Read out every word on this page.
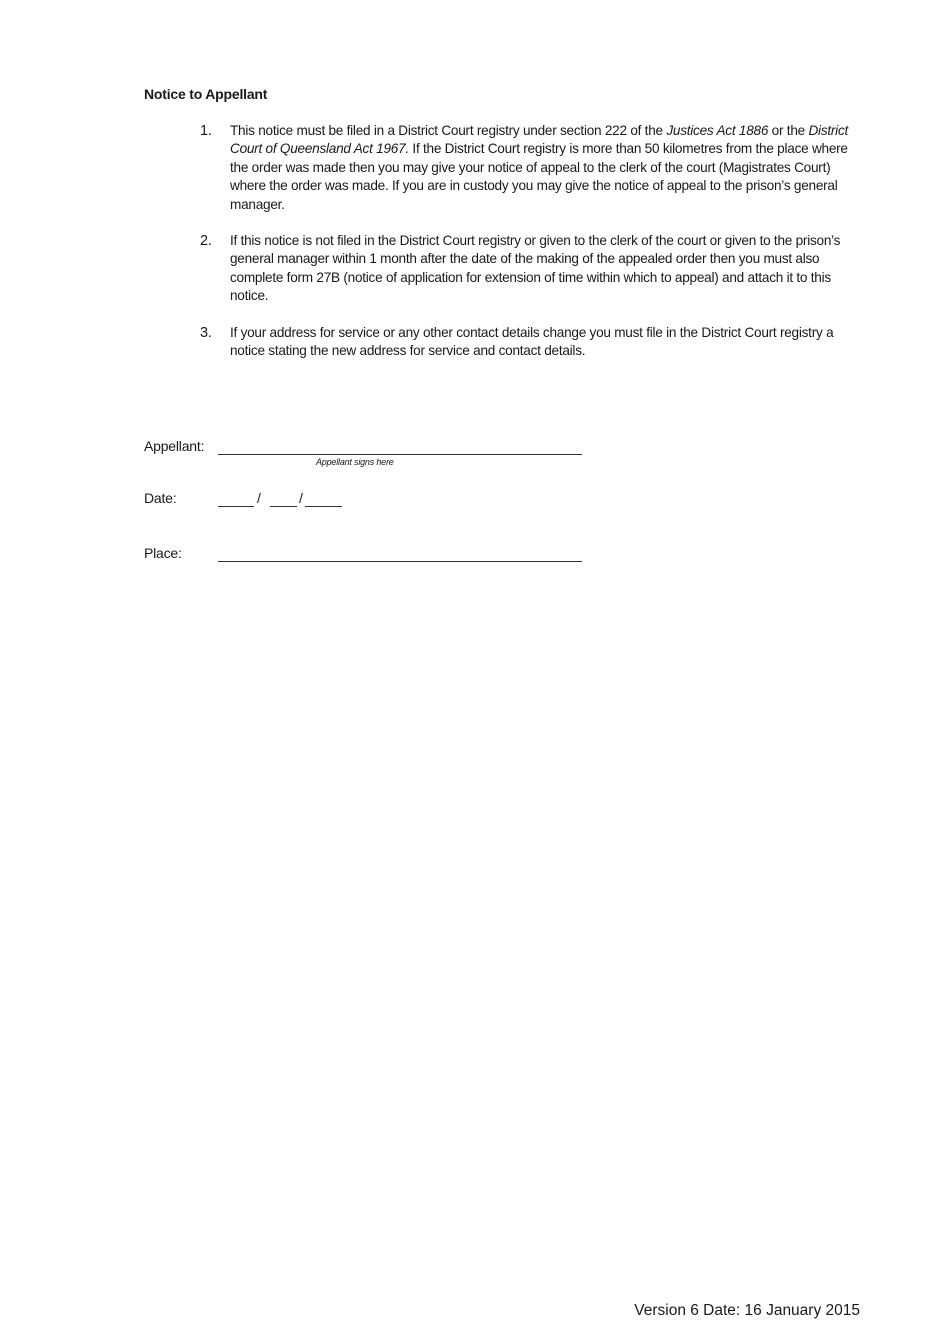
Notice to Appellant
1. This notice must be filed in a District Court registry under section 222 of the Justices Act 1886 or the District Court of Queensland Act 1967. If the District Court registry is more than 50 kilometres from the place where the order was made then you may give your notice of appeal to the clerk of the court (Magistrates Court) where the order was made. If you are in custody you may give the notice of appeal to the prison’s general manager.
2. If this notice is not filed in the District Court registry or given to the clerk of the court or given to the prison’s general manager within 1 month after the date of the making of the appealed order then you must also complete form 27B (notice of application for extension of time within which to appeal) and attach it to this notice.
3. If your address for service or any other contact details change you must file in the District Court registry a notice stating the new address for service and contact details.
Appellant:
Appellant signs here
Date:	/	/
Place:
Version 6 Date: 16 January 2015
